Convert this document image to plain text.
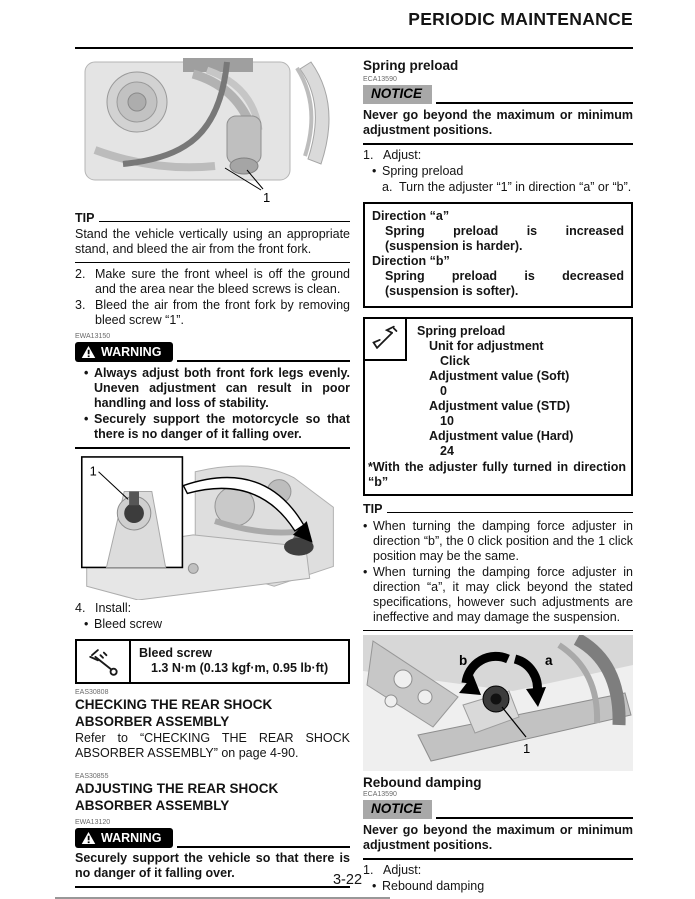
PERIODIC MAINTENANCE
1
TIP
Stand the vehicle vertically using an appropriate stand, and bleed the air from the front fork.
2. Make sure the front wheel is off the ground and the area near the bleed screws is clean.
3. Bleed the air from the front fork by removing bleed screw “1”.
EWA13150
WARNING
• Always adjust both front fork legs evenly. Uneven adjustment can result in poor handling and loss of stability.
• Securely support the motorcycle so that there is no danger of it falling over.
1
4. Install:
• Bleed screw
Bleed screw
1.3 N·m (0.13 kgf·m, 0.95 lb·ft)
EAS30808
CHECKING THE REAR SHOCK ABSORBER ASSEMBLY
Refer to “CHECKING THE REAR SHOCK ABSORBER ASSEMBLY” on page 4-90.
EAS30855
ADJUSTING THE REAR SHOCK ABSORBER ASSEMBLY
EWA13120
WARNING
Securely support the vehicle so that there is no danger of it falling over.
Spring preload
ECA13590
NOTICE
Never go beyond the maximum or minimum adjustment positions.
1. Adjust:
• Spring preload
a. Turn the adjuster “1” in direction “a” or “b”.
Direction “a”
Spring preload is increased (suspension is harder).
Direction “b”
Spring preload is decreased (suspension is softer).
Spring preload
Unit for adjustment
Click
Adjustment value (Soft)
0
Adjustment value (STD)
10
Adjustment value (Hard)
24
*With the adjuster fully turned in direction “b”
TIP
• When turning the damping force adjuster in direction “b”, the 0 click position and the 1 click position may be the same.
• When turning the damping force adjuster in direction “a”, it may click beyond the stated specifications, however such adjustments are ineffective and may damage the suspension.
b	a
1
Rebound damping
ECA13590
NOTICE
Never go beyond the maximum or minimum adjustment positions.
1. Adjust:
• Rebound damping
3-22
